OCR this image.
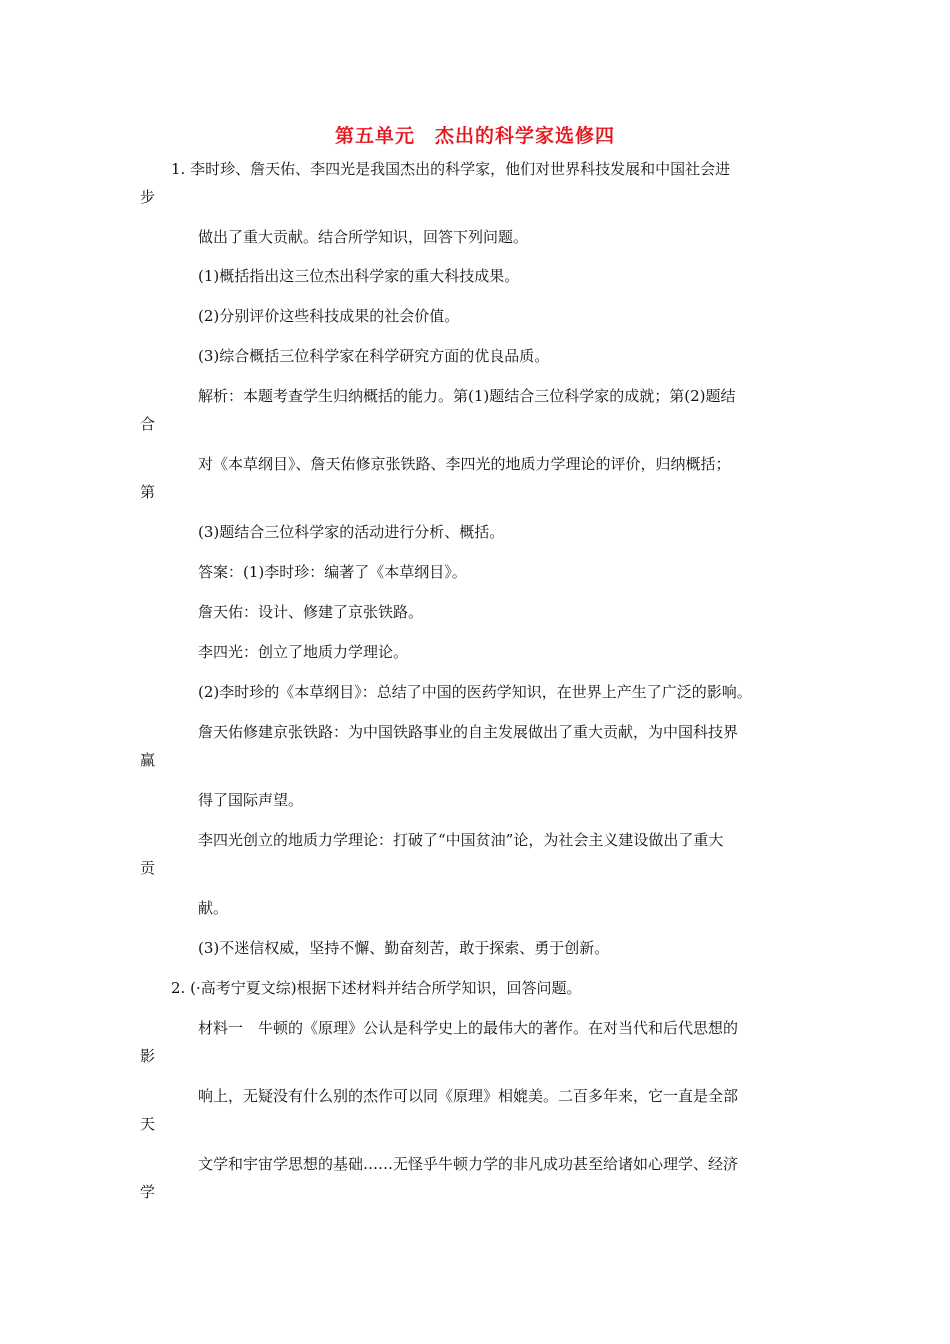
第五单元　杰出的科学家选修四
1. 李时珍、詹天佑、李四光是我国杰出的科学家，他们对世界科技发展和中国社会进
步
做出了重大贡献。结合所学知识，回答下列问题。
(1)概括指出这三位杰出科学家的重大科技成果。
(2)分别评价这些科技成果的社会价值。
(3)综合概括三位科学家在科学研究方面的优良品质。
解析：本题考查学生归纳概括的能力。第(1)题结合三位科学家的成就；第(2)题结
合
对《本草纲目》、詹天佑修京张铁路、李四光的地质力学理论的评价，归纳概括；
第
(3)题结合三位科学家的活动进行分析、概括。
答案：(1)李时珍：编著了《本草纲目》。
詹天佑：设计、修建了京张铁路。
李四光：创立了地质力学理论。
(2)李时珍的《本草纲目》：总结了中国的医药学知识，在世界上产生了广泛的影响。
詹天佑修建京张铁路：为中国铁路事业的自主发展做出了重大贡献，为中国科技界
赢
得了国际声望。
李四光创立的地质力学理论：打破了“中国贫油”论，为社会主义建设做出了重大
贡
献。
(3)不迷信权威，坚持不懈、勤奋刻苦，敢于探索、勇于创新。
2. (·高考宁夏文综)根据下述材料并结合所学知识，回答问题。
材料一　牛顿的《原理》公认是科学史上的最伟大的著作。在对当代和后代思想的
影
响上，无疑没有什么别的杰作可以同《原理》相媲美。二百多年来，它一直是全部
天
文学和宇宙学思想的基础……无怪乎牛顿力学的非凡成功甚至给诸如心理学、经济
学
